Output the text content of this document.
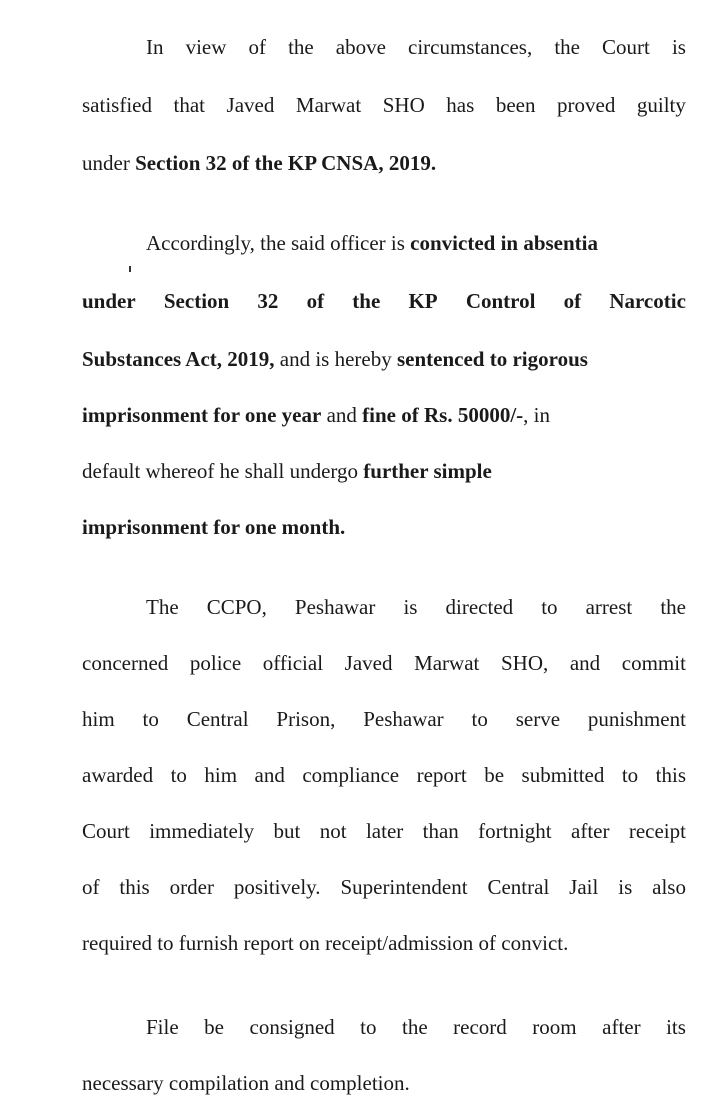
In view of the above circumstances, the Court is
satisfied that Javed Marwat SHO has been proved guilty
under Section 32 of the KP CNSA, 2019.
Accordingly, the said officer is convicted in absentia
under Section 32 of the KP Control of Narcotic
Substances Act, 2019, and is hereby sentenced to rigorous
imprisonment for one year and fine of Rs. 50000/-, in
default whereof he shall undergo further simple
imprisonment for one month.
The CCPO, Peshawar is directed to arrest the
concerned police official Javed Marwat SHO, and commit
him to Central Prison, Peshawar to serve punishment
awarded to him and compliance report be submitted to this
Court immediately but not later than fortnight after receipt
of this order positively. Superintendent Central Jail is also
required to furnish report on receipt/admission of convict.
File be consigned to the record room after its
necessary compilation and completion.
